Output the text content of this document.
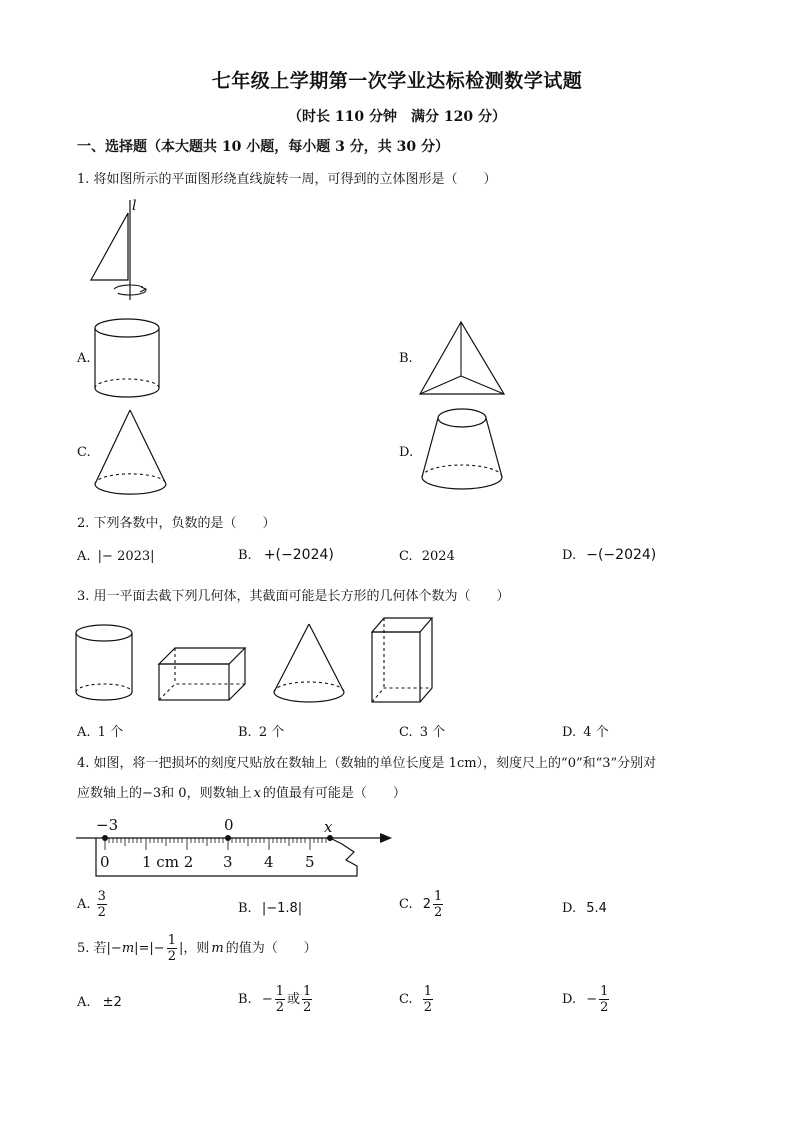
七年级上学期第一次学业达标检测数学试题
（时长 110 分钟　满分 120 分）
一、选择题（本大题共 10 小题，每小题 3 分，共 30 分）
1. 将如图所示的平面图形绕直线旋转一周，可得到的立体图形是（　　）
l
A.	B.
C.	D.
2. 下列各数中，负数的是（　　）
A. |− 2023|	B. +(−2024)	C. 2024	D. −(−2024)
3. 用一平面去截下列几何体，其截面可能是长方形的几何体个数为（　　）
A. 1 个	B. 2 个	C. 3 个	D. 4 个
4. 如图，将一把损坏的刻度尺贴放在数轴上（数轴的单位长度是 1cm），刻度尺上的“0”和“3”分别对
应数轴上的−3和 0，则数轴上 x 的值最有可能是（　　）
−3	0	x
0 1 cm 2 3 4 5
A. $\frac{3}{2}$	B. |−1.8|	C. $2 \frac{1}{2}$	D. 5.4
5. 若$|-m|=|- \frac{1}{2}$ |，则 m 的值为（　　）
A. ±2	B. − $\frac{1}{2}$ 或 $\frac{1}{2}$	C. $\frac{1}{2}$	D. − $\frac{1}{2}$
